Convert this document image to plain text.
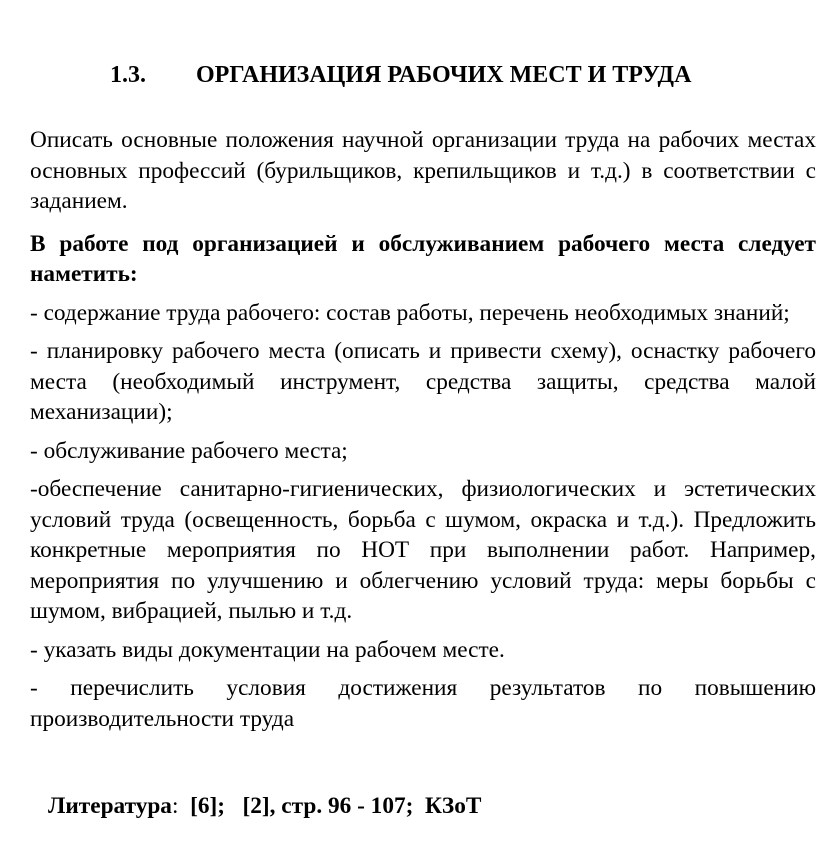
1.3. ОРГАНИЗАЦИЯ РАБОЧИХ МЕСТ И ТРУДА

Описать основные положения научной организации труда на рабочих местах основных профессий (бурильщиков, крепильщиков и т.д.) в соответствии с заданием.

В работе под организацией и обслуживанием рабочего места следует наметить:

- содержание труда рабочего: состав работы, перечень необходимых знаний;

- планировку рабочего места (описать и привести схему), оснастку рабочего места (необходимый инструмент, средства защиты, средства малой механизации);

- обслуживание рабочего места;

-обеспечение санитарно-гигиенических, физиологических и эстетических условий труда (освещенность, борьба с шумом, окраска и т.д.). Предложить конкретные мероприятия по НОТ при выполнении работ. Например, мероприятия по улучшению и облегчению условий труда: меры борьбы с шумом, вибрацией, пылью и т.д.

- указать виды документации на рабочем месте.

- перечислить условия достижения результатов по повышению производительности труда

Литература:  [6];   [2], стр. 96 - 107;  КЗоТ
